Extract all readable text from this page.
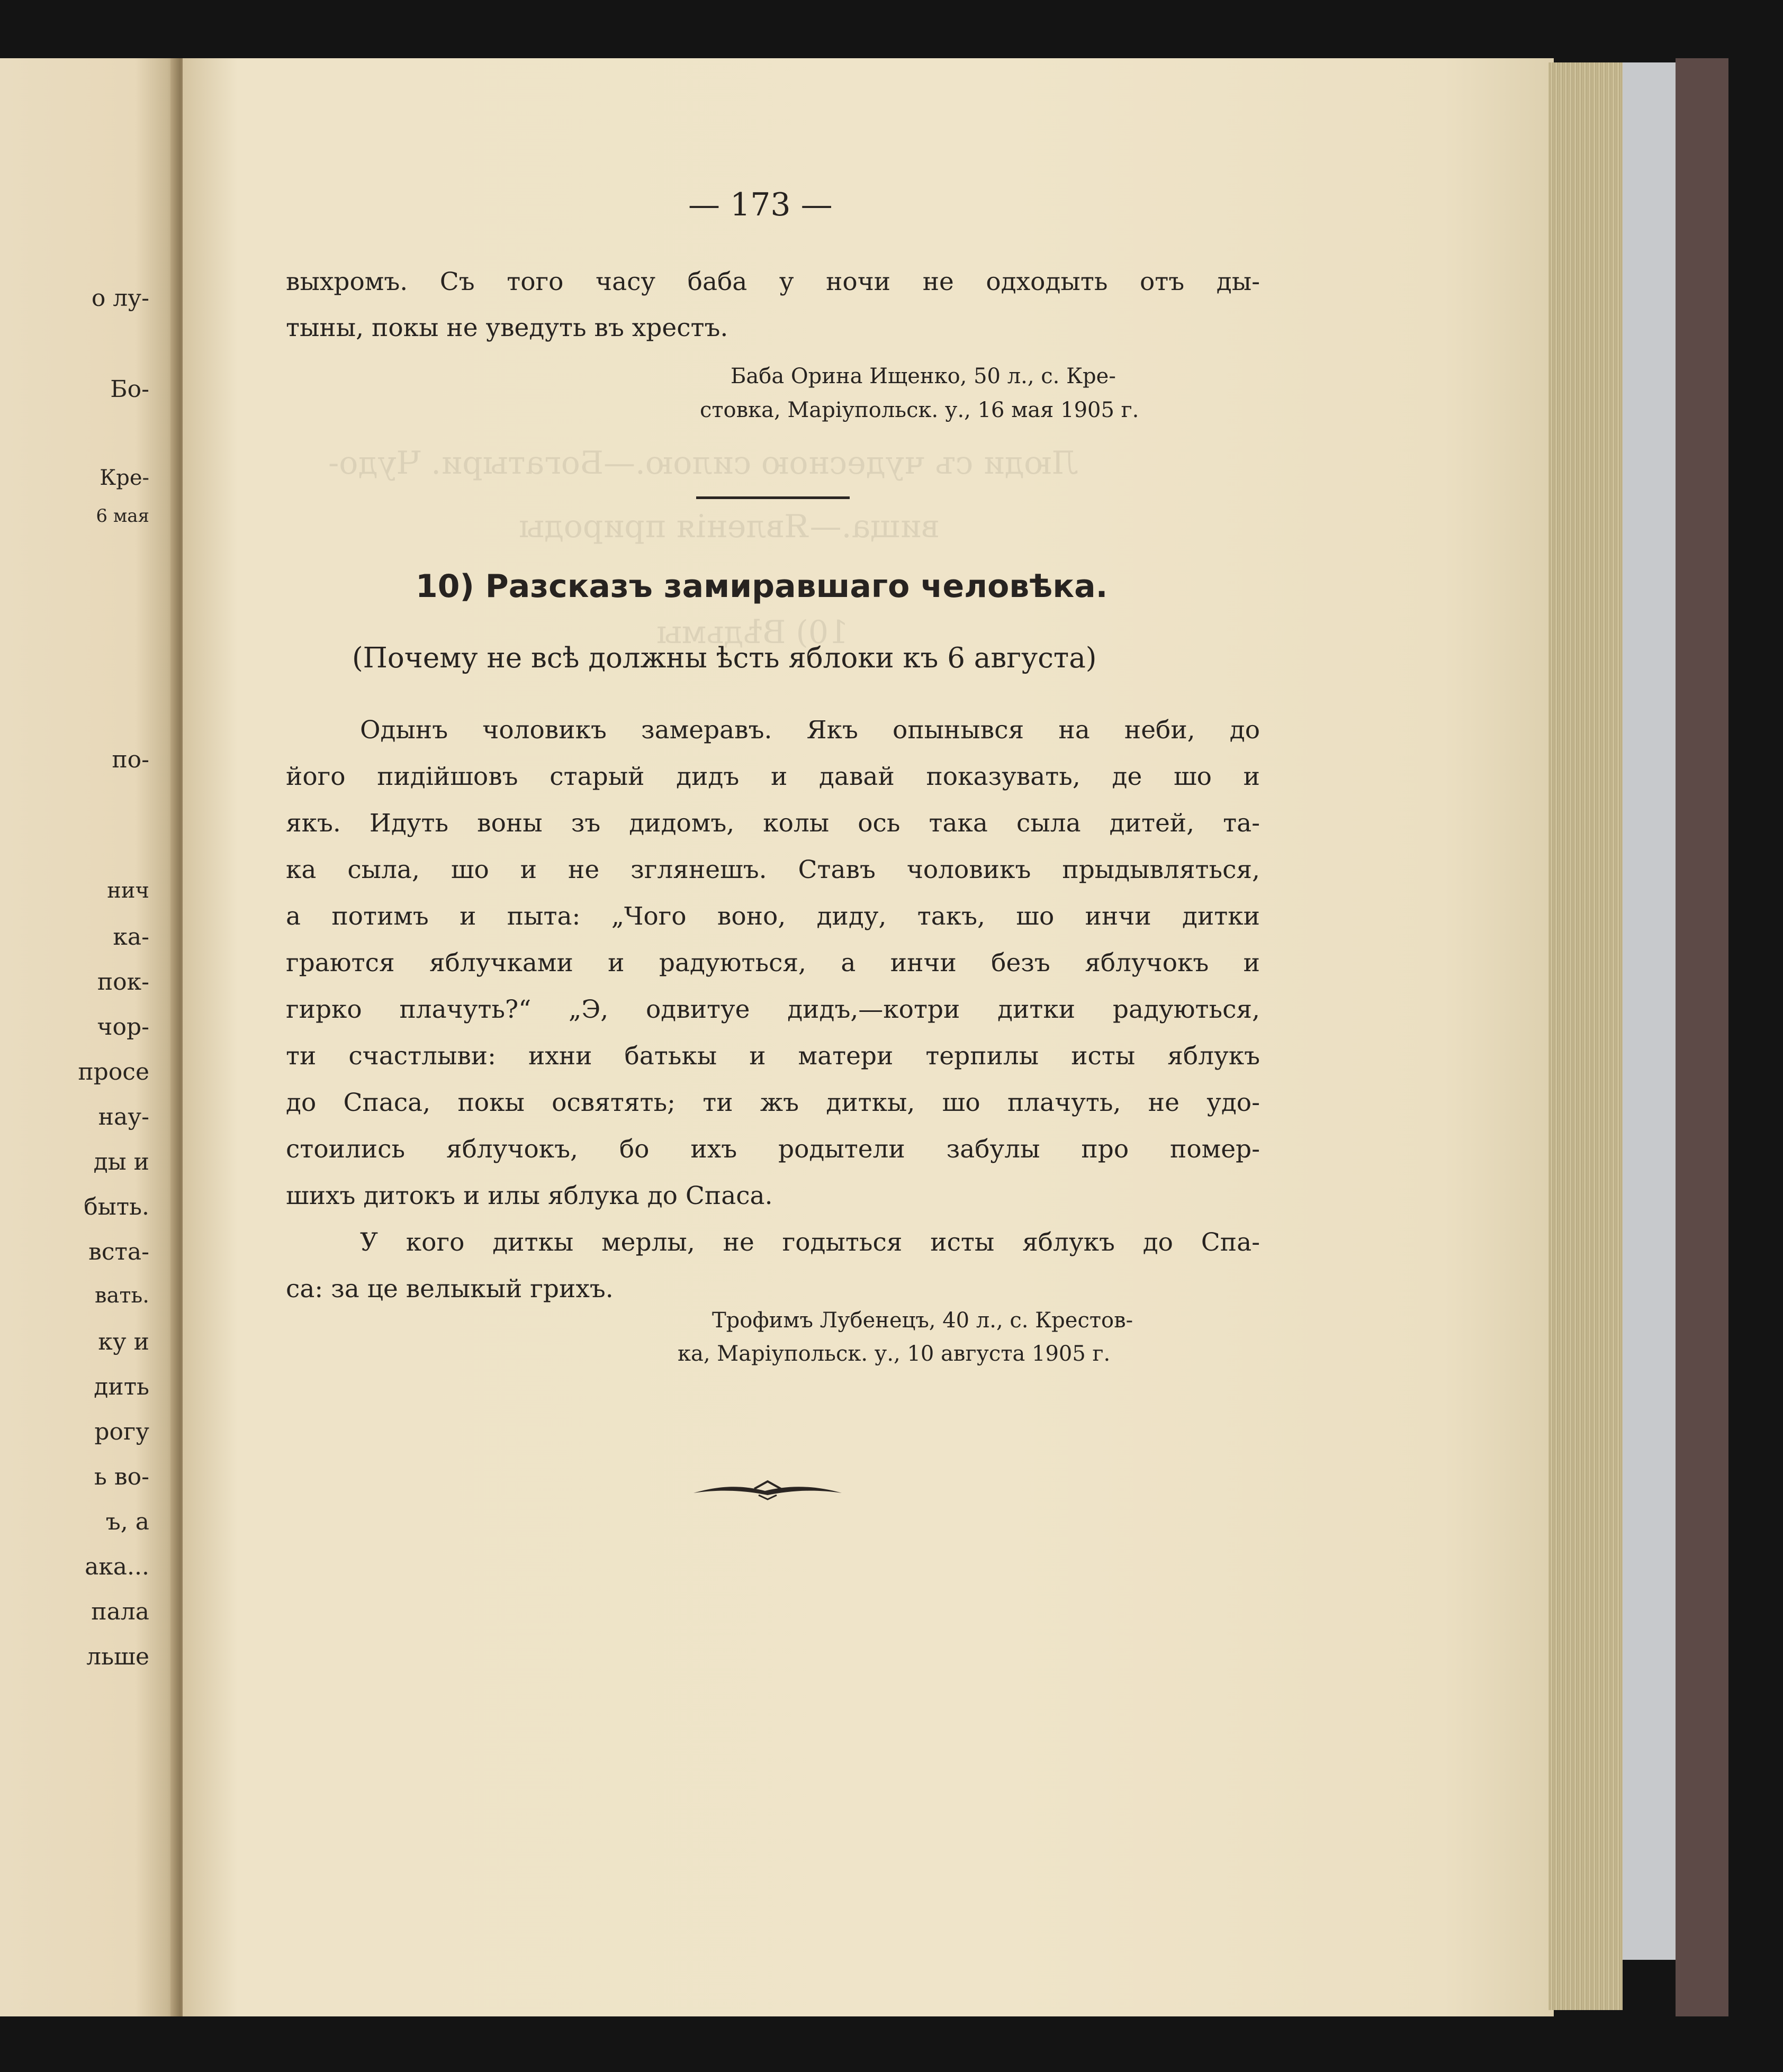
о лу-

Бо-

Кре-

6 мая

по-

нич

ка-

пок-

чор-

просе

нау-

ды и

быть.

вста-

вать.

ку и

дить

рогу

ь во-

ъ, а

ака...

пала

льше

Люди съ чудесною силою.—Богатыри. Чудо-

вища.—Явленія природы

10) Вѣдьмы

— 173 —

выхромъ. Съ того часу баба у ночи не одходыть отъ ды-

тыны, покы не уведуть въ хрестъ.

Баба Орина Ищенко, 50 л., с. Кре-

стовка, Маріупольск. у., 16 мая 1905 г.

10) Разсказъ замиравшаго человѣка.

(Почему не всѣ должны ѣсть яблоки къ 6 августа)

Одынъ чоловикъ замеравъ. Якъ опынывся на неби, до

його пидійшовъ старый дидъ и давай показувать, де шо и

якъ. Идуть воны зъ дидомъ, колы ось така сыла дитей, та-

ка сыла, шо и не зглянешъ. Ставъ чоловикъ прыдывлятьcя,

а потимъ и пыта: „Чого воно, диду, такъ, шо инчи дитки

граются яблучками и радуються, а инчи безъ яблучокъ и

гирко плачуть?“ „Э, одвитуе дидъ,—котри дитки радуються,

ти счастлыви: ихни батькы и матери терпилы исты яблукъ

до Спаса, покы освятять; ти жъ диткы, шо плачуть, не удо-

стоились яблучокъ, бо ихъ родытели забулы про помер-

шихъ дитокъ и илы яблука до Спаса.

У кого диткы мерлы, не годыться исты яблукъ до Спа-

са: за це велыкый грихъ.

Трофимъ Лубенецъ, 40 л., с. Крестов-

ка, Маріупольск. у., 10 августа 1905 г.
